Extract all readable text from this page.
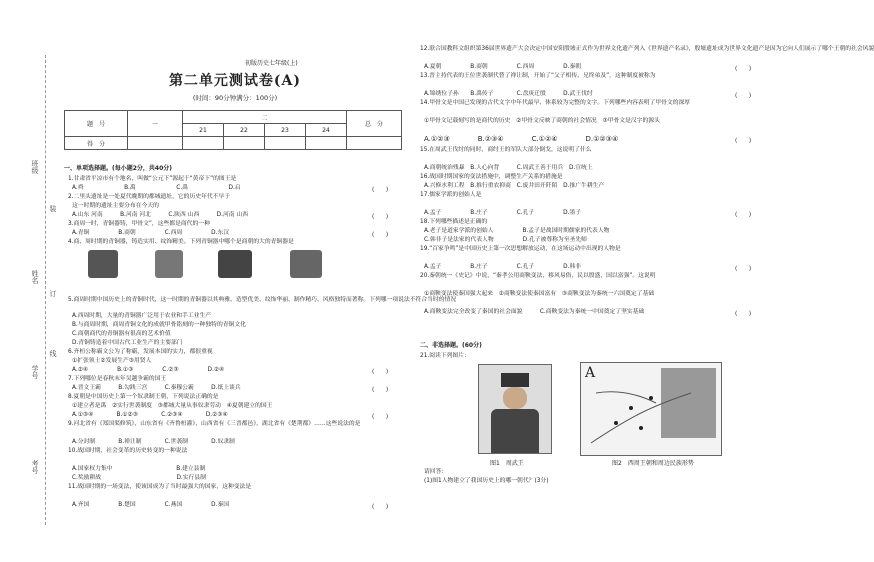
班级
装
订
姓名
线
学号
考号
初版历史七年级(上)
第二单元测试卷(A)
(时间：90分钟满分：100分)
题　号	一	二				总　分
		21	22	23	24	
得　分						
一、单项选择题。(每小题2分，共40分)
1.甘肃省平凉市有个地名，叫做“公元下”源起于“黄帝下”的图王是
A.舜　　　　　　　B.禹　　　　　　　C.禹　　　　　　　D.启
2.二里头遗址是一处夏代晚期的都城遗址，它的历史年代不早于
这一时期的遗址主要分布在今天的
A.山东 河南　　　B.河南 河北　　　C.陕西 山西　　　D.河南 山西
3.商周一时，青铜器铸，甲骨文”，这些都是商代的一种
A.青铜　　　　　B.商朝　　　　　C.西周　　　　　D.东汉
4.商、周时期的青铜器，铸造实用、纹饰精美。下列青铜器中哪个是商朝的大的青铜器是
5.商周时期中国历史上的青铜时代，这一时期的青铜器以其典雅、造型优美、纹饰华丽、制作精巧、风格独特而著称。下列哪一项说法不符合当时的情况
A.西周时期，大量的青铜器广泛用于农业和手工业生产
B.与商周时期，商周青铜文化的成就甲骨铭刻的一种独特的青铜文化
C.商朝商代的青铜器有很高的艺术价值
D.青铜铸造着中国古代工业生产的主要部门
6.齐桓公称霸文公为了称霸，发展本国的实力，都很重视
①扩张领土②发展生产③用贤人
A.②④　　　　　B.①③　　　　　C.②③　　　　　D.②④
7.下列哪位是春秋末年吴越争霸的国王
A.晋文王霸　　　B.勾践三宫　　　C.秦穆公霸　　　D.纸上谈兵
8.夏朝是中国历史上第一个奴隶制王朝，下列说法正确的是
①建立者是禹　②实行世袭制度　③都城大量从事奴隶劳动　④夏朝建立的国王
A.①③④　　　　B.①②③　　　　C.②③④　　　　D.②③④
9.河北省有《郑国渠修筑》，山东省有《齐鲁桓灌》，山西省有《三晋都邑》，湖北省有《楚荆都》……这些说法的是
A.分封制　　　　B.禅让制　　　　C.世袭制　　　　D.奴隶制
10.战国时期，社会变革的历史转变的一种说法
A.国家权力集中　　　　　　　　　　　B.建立县制
C.奖励耕战　　　　　　　　　　　　　D.实行县制
11.战国时期的一场变法，使该国成为了当时最强大的国家，这种变法是
A.齐国　　　　　B.楚国　　　　　C.燕国　　　　　D.秦国
12.联合国教科文组织第36届世界遗产大会决定中国安阳殷墟正式作为世界文化遗产列入《世界遗产名录》，殷墟遗址成为世界文化遗产是因为它向人们展示了哪个王朝的社会风貌
A.夏朝　　　　　B.商朝　　　　　C.西周　　　　　D.秦朝
13.晋主持代表的王位世袭制代替了禅让制，开始了“父子相传、兄终弟及”，这种制度被称为
A.锦绣位子孙　　B.禹传子　　　　C.盘庚迁殷　　　D.武王伐纣
14.甲骨文是中国已发现的古代文字中年代最早、体系较为完整的文字。下列哪些内容表明了甲骨文的深厚
①甲骨文记载刻写的是商代的历史　②甲骨文反映了商朝的社会情况　③甲骨文是汉字的源头
A.①②③　　　　B.②③④　　　　C.①②④　　　　D.①②③④
15.在周武王伐纣的同时，商纣王的军队大部分倒戈，这说明了什么
A.商朝统治残暴　B.人心向背　　　C.周武王善于用兵　D.宣统上
16.战国时期国家的变法措施中，调整生产关系的措施是
A.兴修水利工程　B.推行重农抑商　C.废井田开阡陌　D.推广牛耕生产
17.儒家学派的创始人是
A.孟子　　　　　B.庄子　　　　　C.孔子　　　　　D.墨子
18.下列哪些描述是正确的
A.老子是道家学派的创始人　　　　　B.孟子是战国时期儒家的代表人物
C.韩非子是法家的代表人物　　　　　D.孔子被尊称为至圣先师
19.“百家争鸣”是中国历史上第一次思想解放运动，在这场运动中出现的人物是
A.孟子　　　　　B.庄子　　　　　C.孔子　　　　　D.韩非
20.秦朝统一《史记》中说，“秦孝公用商鞅变法，移风易俗，民以殷盛，国以富强”。这说明
①商鞅变法使秦国强大起来　②商鞅变法使秦国富有　③商鞅变法为秦统一六国奠定了基础
A.商鞅变法完全改变了秦国的社会面貌　　　C.商鞅变法为秦统一中国奠定了坚实基础
二、非选择题。(60分)
21.阅读下列图片：
图1　周武王
A
图2　西周王朝和周边民族形势
请回答：
(1)图1人物建立了我国历史上的哪一朝代？(3分)
(　　)
(　　)
(　　)
(　　)
(　　)
(　　)
(　　)
(　　)
(　　)
(　　)
(　　)
(　　)
(　　)
